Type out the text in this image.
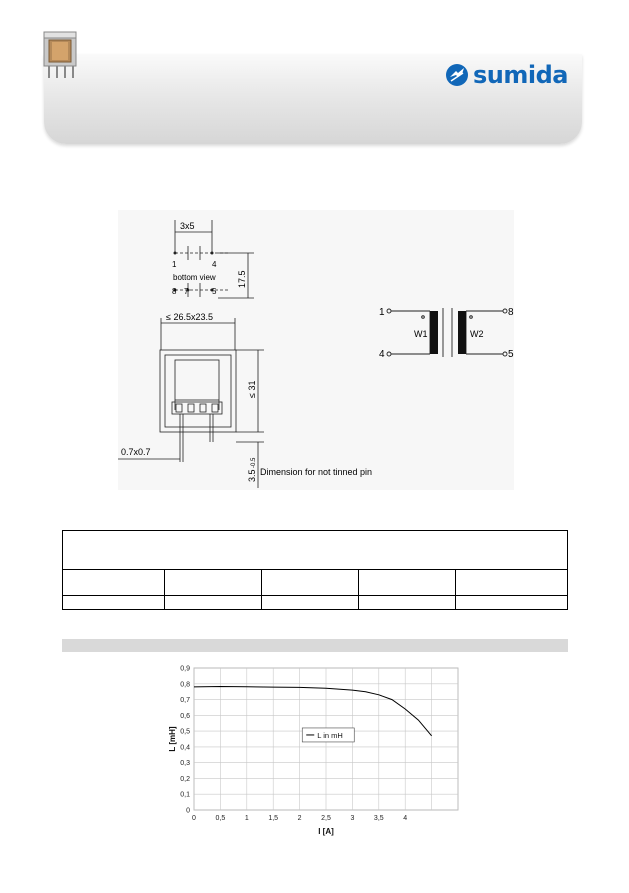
sumida
3x5
1	4
bottom view
8 7	5
17.5
≤ 26.5x23.5
≤ 31
0.7x0.7
3.5
-0.5
Dimension for not tinned pin
1
4
8
5
W1	W2

0
0,1
0,2
0,3
0,4
0,5
0,6
0,7
0,8
0,9
0	0,5	1	1,5	2	2,5	3	3,5	4
I [A]
L [mH]	L in mH
